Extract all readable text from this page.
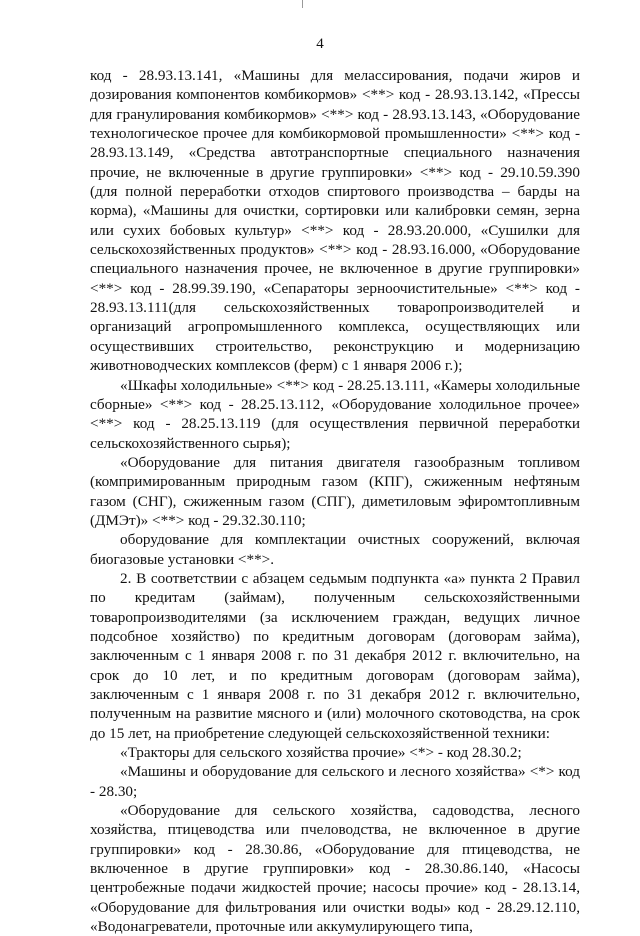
4

код - 28.93.13.141, «Машины для мелассирования, подачи жиров и дозирования компонентов комбикормов» <**> код - 28.93.13.142, «Прессы для гранулирования комбикормов» <**> код - 28.93.13.143, «Оборудование технологическое прочее для комбикормовой промышленности» <**> код - 28.93.13.149, «Средства автотранспортные специального назначения прочие, не включенные в другие группировки» <**> код - 29.10.59.390 (для полной переработки отходов спиртового производства – барды на корма), «Машины для очистки, сортировки или калибровки семян, зерна или сухих бобовых культур» <**> код - 28.93.20.000, «Сушилки для сельскохозяйственных продуктов» <**> код - 28.93.16.000, «Оборудование специального назначения прочее, не включенное в другие группировки» <**> код - 28.99.39.190, «Сепараторы зерноочистительные» <**> код - 28.93.13.111(для сельскохозяйственных товаропроизводителей и организаций агропромышленного комплекса, осуществляющих или осуществивших строительство, реконструкцию и модернизацию животноводческих комплексов (ферм) с 1 января 2006 г.);

«Шкафы холодильные» <**> код - 28.25.13.111, «Камеры холодильные сборные» <**> код - 28.25.13.112, «Оборудование холодильное прочее» <**> код - 28.25.13.119 (для осуществления первичной переработки сельскохозяйственного сырья);

«Оборудование для питания двигателя газообразным топливом (компримированным природным газом (КПГ), сжиженным нефтяным газом (СНГ), сжиженным газом (СПГ), диметиловым эфиромтопливным (ДМЭт)» <**> код - 29.32.30.110;

оборудование для комплектации очистных сооружений, включая биогазовые установки <**>.

2. В соответствии с абзацем седьмым подпункта «а» пункта 2 Правил по кредитам (займам), полученным сельскохозяйственными товаропроизводителями (за исключением граждан, ведущих личное подсобное хозяйство) по кредитным договорам (договорам займа), заключенным с 1 января 2008 г. по 31 декабря 2012 г. включительно, на срок до 10 лет, и по кредитным договорам (договорам займа), заключенным с 1 января 2008 г. по 31 декабря 2012 г. включительно, полученным на развитие мясного и (или) молочного скотоводства, на срок до 15 лет, на приобретение следующей сельскохозяйственной техники:

«Тракторы для сельского хозяйства прочие» <*> - код 28.30.2;

«Машины и оборудование для сельского и лесного хозяйства» <*> код - 28.30;

«Оборудование для сельского хозяйства, садоводства, лесного хозяйства, птицеводства или пчеловодства, не включенное в другие группировки» код - 28.30.86, «Оборудование для птицеводства, не включенное в другие группировки» код - 28.30.86.140, «Насосы центробежные подачи жидкостей прочие; насосы прочие» код - 28.13.14, «Оборудование для фильтрования или очистки воды» код - 28.29.12.110, «Водонагреватели, проточные или аккумулирующего типа,
